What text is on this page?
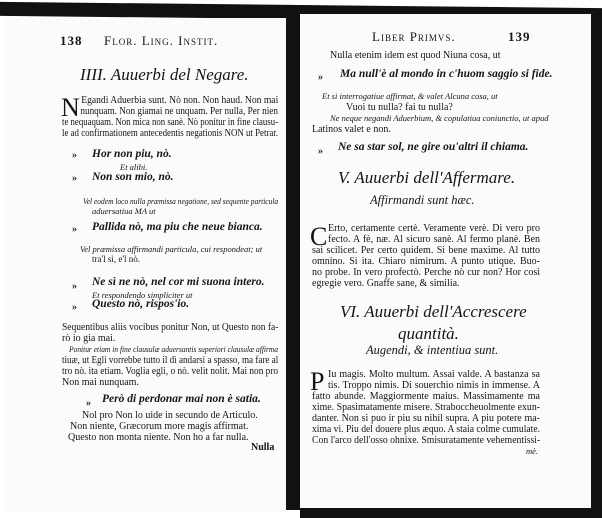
138 Flor. Ling. Instit.
IIII. Auuerbi del Negare.
N Egandi Aduerbia sunt. Nò non. Non haud. Non mai
nunquam. Non giamai ne unquam. Per nulla, Per nien
te nequaquam. Non mica non sanè. Nò ponitur in fine clausu-
le ad confirmationem antecedentis negationis NON ut Petrar.
» Hor non piu, nò.
Et alibi.
» Non son mio, nò.
Vel eodem loco nulla præmissa negatione, sed sequente particula
aduersatiua MA ut
» Pallida nò, ma piu che neue bianca.
Vel præmissa affirmandi particula, cui respondeat; ut
tra'l sì, e'l nò.
» Ne sì ne nò, nel cor mi suona intero.
Et respondendo simpliciter ut
» Questo nò, rispos'io.
Sequentibus aliis vocibus ponitur Non, ut Questo non fa-
rò io gia mai.
Ponitur etiam in fine clausulæ aduersantis superiori clausulæ affirma
tiuæ, ut Egli vorrebbe tutto il dì andarsi a spasso, ma fare al
tro nò. ita etiam. Voglia egli, o nò. velit nolit. Mai non pro
Non mai nunquam.
» Però di perdonar mai non è satia.
Nol pro Non lo uide in secundo de Articulo.
Non niente, Græcorum more magis affirmat.
Questo non monta niente. Non ho a far nulla.
Nulla
Liber Primvs.	139
Nulla etenim idem est quod Niuna cosa, ut
» Ma null'è al mondo in c'huom saggio si fide.
Et si interrogatiue affirmat, & valet Alcuna cosa, ut
Vuoi tu nulla? fai tu nulla?
Ne neque negandi Aduerbium, & copulatiua coniunctio, ut apud
Latinos valet e non.
» Ne sa star sol, ne gire ou'altri il chiama.
V. Auuerbi dell'Affermare.
Affirmandi sunt hæc.
C Erto, certamente certè. Veramente verè. Di vero pro
fecto. A fè, næ. Al sicuro sanè. Al fermo planè. Ben
sai scilicet. Per certo quidem. Si bene maxime. Al tutto
omnino. Si ita. Chiaro nimirum. A punto utique. Buo-
no probe. In vero profectò. Perche nò cur non? Hor così
egregie vero. Gnaffe sane, & similia.
VI. Auuerbi dell'Accrescere
quantità.
Augendi, & intentiua sunt.
P Iu magis. Molto multum. Assai valde. A bastanza sa
tis. Troppo nimis. Di souerchio nimis in immense. A
fatto abunde. Maggiormente maius. Massimamente ma
xime. Spasimatamente misere. Straboccheuolmente exun-
danter. Non si puo ir piu su nihil supra. A piu potere ma-
xima vi. Piu del douere plus æquo. A staia colme cumulate.
Con l'arco dell'osso ohnixe. Smisuratamente vehementissi-
mè.
